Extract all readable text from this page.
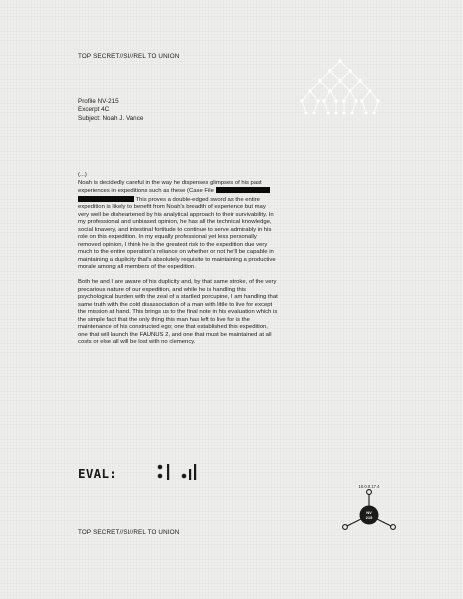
TOP SECRET//SI//REL TO UNION
Profile NV-215
Excerpt 4C
Subject: Noah J. Vance

(...)
Noah is decidedly careful in the way he dispenses glimpses of his past experiences in expeditions such as these (Case File
This proves a double-edged sword as the entire expedition is likely to benefit from Noah's breadth of experience but may very well be disheartened by his analytical approach to their survivability. In my professional and unbiased opinion, he has all the technical knowledge, social knavery, and intestinal fortitude to continue to serve admirably in his role on this expedition. In my equally professional yet less personally removed opinion, I think he is the greatest risk to the expedition due very much to the entire operation's reliance on whether or not he'll be capable in maintaining a duplicity that's absolutely requisite to maintaining a productive morale among all members of the expedition.

Both he and I are aware of his duplicity and, by that same stroke, of the very precarious nature of our expedition, and while he is handling this psychological burden with the zeal of a startled porcupine, I am handling that same truth with the cold disassociation of a man with little to live for except the mission at hand. This brings us to the final note in his evaluation which is the simple fact that the only thing this man has left to live for is the maintenance of his constructed ego; one that established this expedition, one that will launch the FAUNUS 2, and one that must be maintained at all costs or else all will be lost with no clemency.

EVAL:
10.0.0.17.4
NV
215
TOP SECRET//SI//REL TO UNION
